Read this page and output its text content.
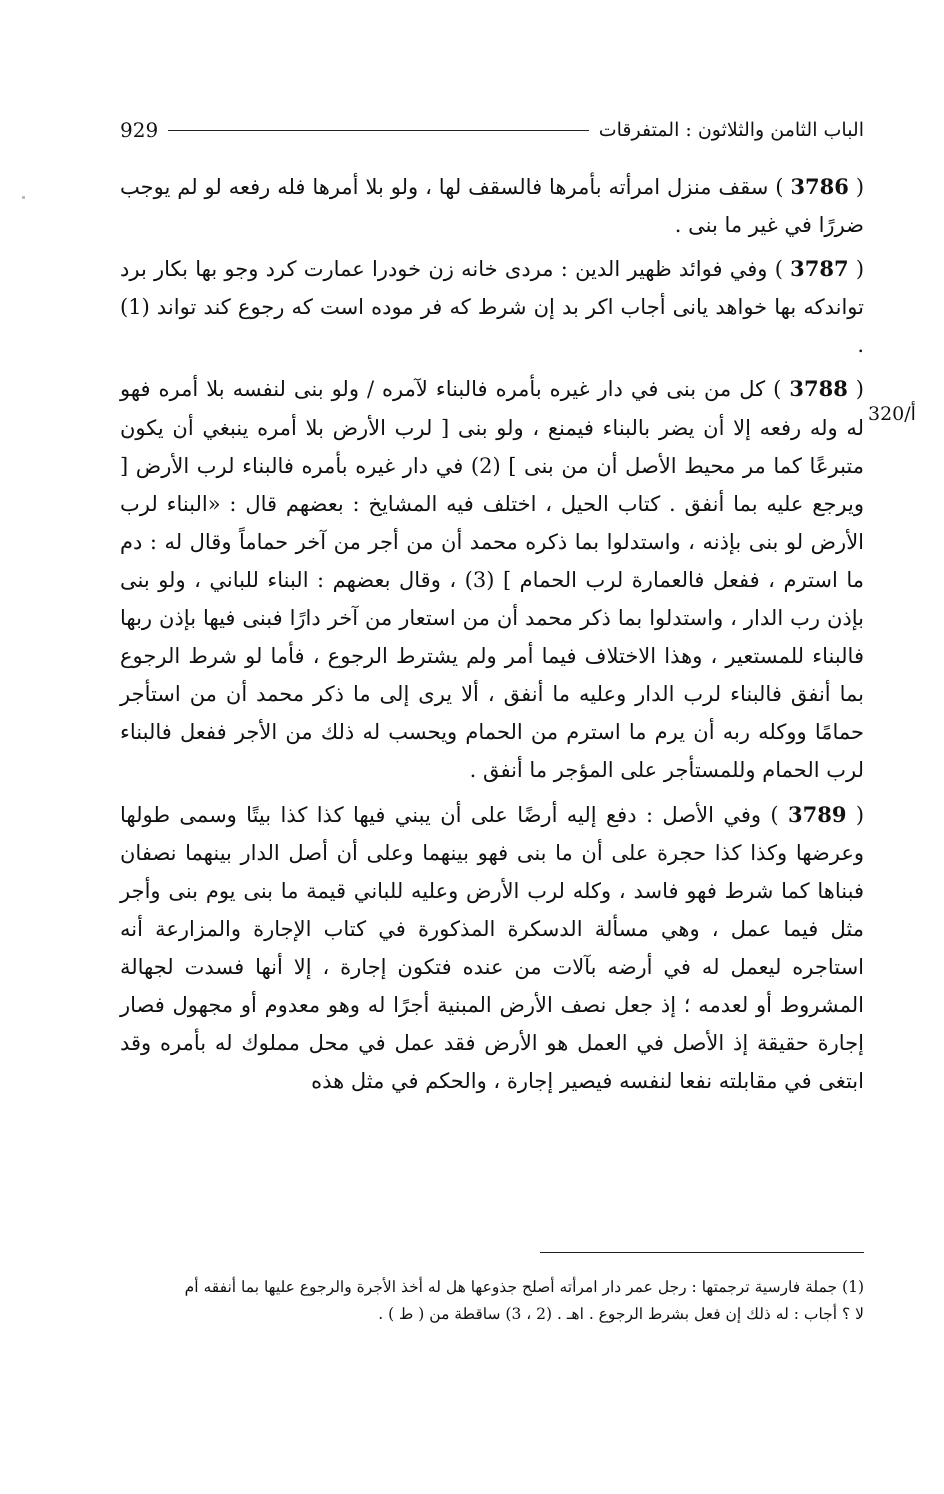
الباب الثامن والثلاثون : المتفرقات
929
320/أ

( 3786 ) سقف منزل امرأته بأمرها فالسقف لها ، ولو بلا أمرها فله رفعه لو لم يوجب ضررًا في غير ما بنى .

( 3787 ) وفي فوائد ظهير الدين : مردى خانه زن خودرا عمارت كرد وجو بها بكار برد تواندكه بها خواهد يانى أجاب اكر بد إن شرط كه فر موده است كه رجوع كند تواند (1) .

( 3788 ) كل من بنى في دار غيره بأمره فالبناء لآمره / ولو بنى لنفسه بلا أمره فهو له وله رفعه إلا أن يضر بالبناء فيمنع ، ولو بنى [ لرب الأرض بلا أمره ينبغي أن يكون متبرعًا كما مر محيط الأصل أن من بنى ] (2) في دار غيره بأمره فالبناء لرب الأرض [ ويرجع عليه بما أنفق . كتاب الحيل ، اختلف فيه المشايخ : بعضهم قال : «البناء لرب الأرض لو بنى بإذنه ، واستدلوا بما ذكره محمد أن من أجر من آخر حماماً وقال له : دم ما استرم ، ففعل فالعمارة لرب الحمام ] (3) ، وقال بعضهم : البناء للباني ، ولو بنى بإذن رب الدار ، واستدلوا بما ذكر محمد أن من استعار من آخر دارًا فبنى فيها بإذن ربها فالبناء للمستعير ، وهذا الاختلاف فيما أمر ولم يشترط الرجوع ، فأما لو شرط الرجوع بما أنفق فالبناء لرب الدار وعليه ما أنفق ، ألا يرى إلى ما ذكر محمد أن من استأجر حمامًا ووكله ربه أن يرم ما استرم من الحمام ويحسب له ذلك من الأجر ففعل فالبناء لرب الحمام وللمستأجر على المؤجر ما أنفق .

( 3789 ) وفي الأصل : دفع إليه أرضًا على أن يبني فيها كذا كذا بيتًا وسمى طولها وعرضها وكذا كذا حجرة على أن ما بنى فهو بينهما وعلى أن أصل الدار بينهما نصفان فبناها كما شرط فهو فاسد ، وكله لرب الأرض وعليه للباني قيمة ما بنى يوم بنى وأجر مثل فيما عمل ، وهي مسألة الدسكرة المذكورة في كتاب الإجارة والمزارعة أنه استاجره ليعمل له في أرضه بآلات من عنده فتكون إجارة ، إلا أنها فسدت لجهالة المشروط أو لعدمه ؛ إذ جعل نصف الأرض المبنية أجرًا له وهو معدوم أو مجهول فصار إجارة حقيقة إذ الأصل في العمل هو الأرض فقد عمل في محل مملوك له بأمره وقد ابتغى في مقابلته نفعا لنفسه فيصير إجارة ، والحكم في مثل هذه

(1) جملة فارسية ترجمتها : رجل عمر دار امرأته أصلح جذوعها هل له أخذ الأجرة والرجوع عليها بما أنفقه أم

لا ؟ أجاب : له ذلك إن فعل بشرط الرجوع . اهـ . (2 ، 3) ساقطة من ( ط ) .
